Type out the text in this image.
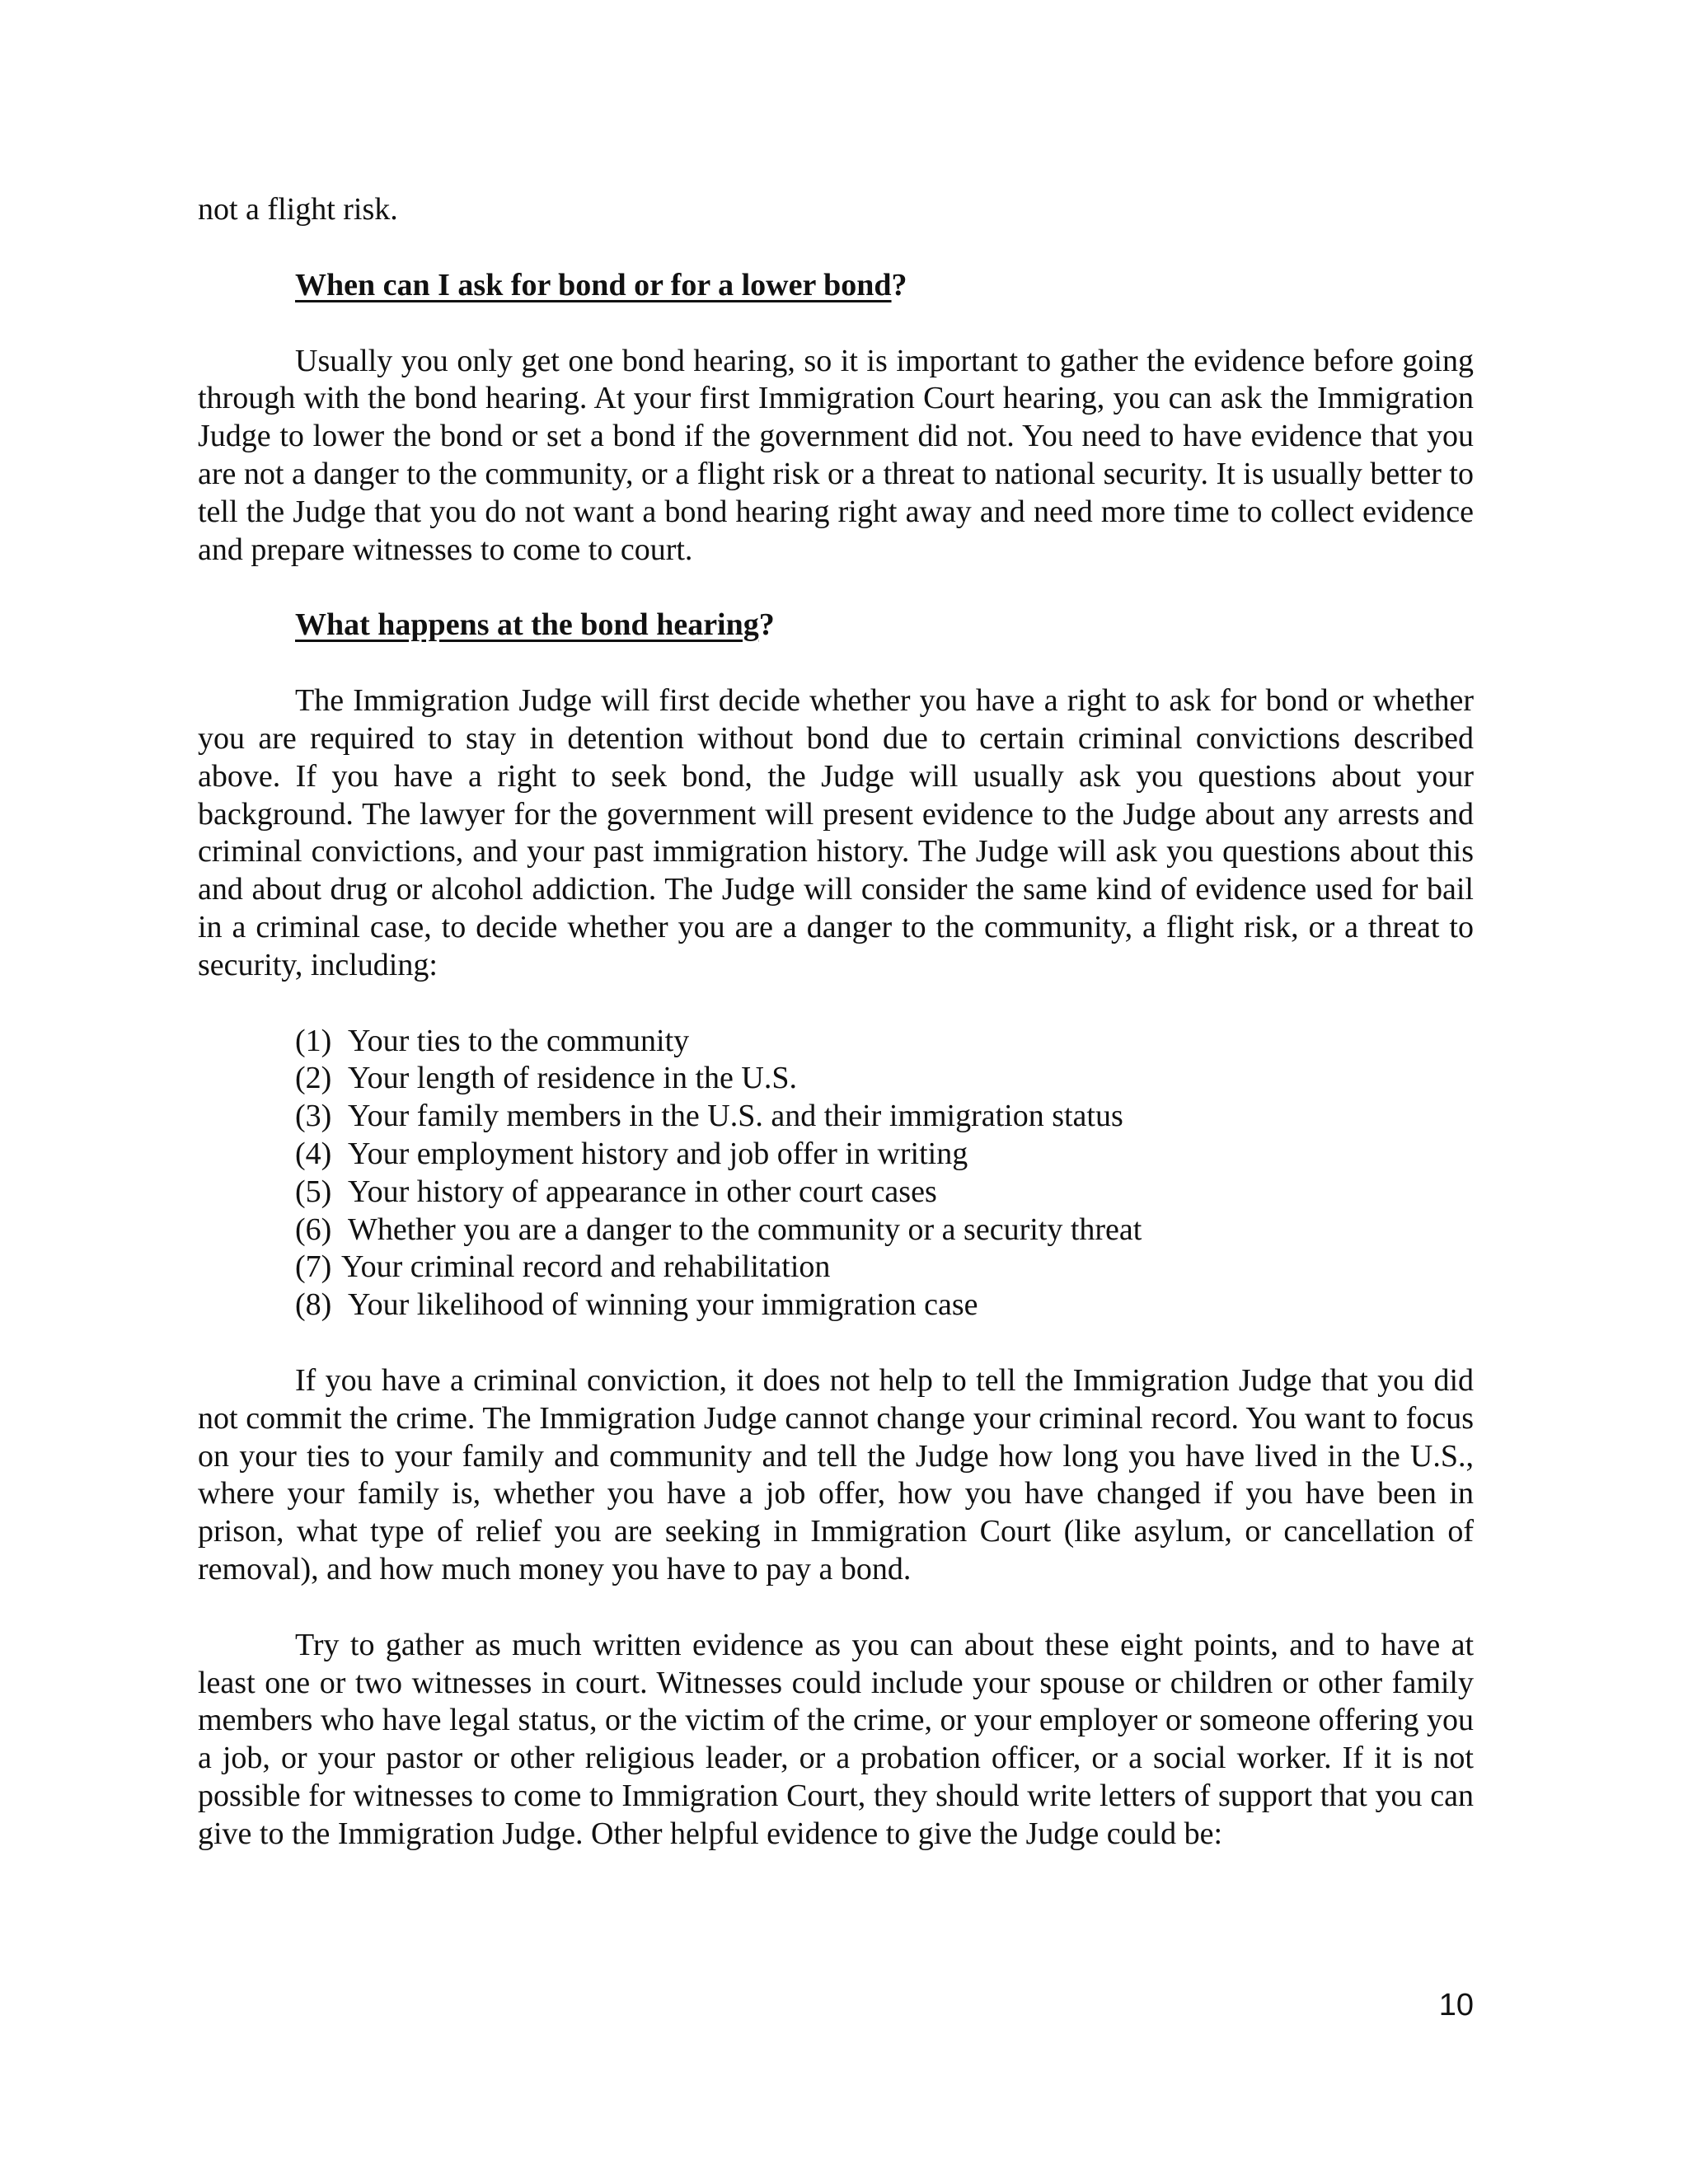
not a flight risk.

When can I ask for bond or for a lower bond?

Usually you only get one bond hearing, so it is important to gather the evidence before going through with the bond hearing. At your first Immigration Court hearing, you can ask the Immigration Judge to lower the bond or set a bond if the government did not. You need to have evidence that you are not a danger to the community, or a flight risk or a threat to national security. It is usually better to tell the Judge that you do not want a bond hearing right away and need more time to collect evidence and prepare witnesses to come to court.

What happens at the bond hearing?

The Immigration Judge will first decide whether you have a right to ask for bond or whether you are required to stay in detention without bond due to certain criminal convictions described above. If you have a right to seek bond, the Judge will usually ask you questions about your background. The lawyer for the government will present evidence to the Judge about any arrests and criminal convictions, and your past immigration history. The Judge will ask you questions about this and about drug or alcohol addiction. The Judge will consider the same kind of evidence used for bail in a criminal case, to decide whether you are a danger to the community, a flight risk, or a threat to security, including:

(1) Your ties to the community
(2) Your length of residence in the U.S.
(3) Your family members in the U.S. and their immigration status
(4) Your employment history and job offer in writing
(5) Your history of appearance in other court cases
(6) Whether you are a danger to the community or a security threat
(7) Your criminal record and rehabilitation
(8) Your likelihood of winning your immigration case

If you have a criminal conviction, it does not help to tell the Immigration Judge that you did not commit the crime. The Immigration Judge cannot change your criminal record. You want to focus on your ties to your family and community and tell the Judge how long you have lived in the U.S., where your family is, whether you have a job offer, how you have changed if you have been in prison, what type of relief you are seeking in Immigration Court (like asylum, or cancellation of removal), and how much money you have to pay a bond.

Try to gather as much written evidence as you can about these eight points, and to have at least one or two witnesses in court. Witnesses could include your spouse or children or other family members who have legal status, or the victim of the crime, or your employer or someone offering you a job, or your pastor or other religious leader, or a probation officer, or a social worker. If it is not possible for witnesses to come to Immigration Court, they should write letters of support that you can give to the Immigration Judge. Other helpful evidence to give the Judge could be:

10
